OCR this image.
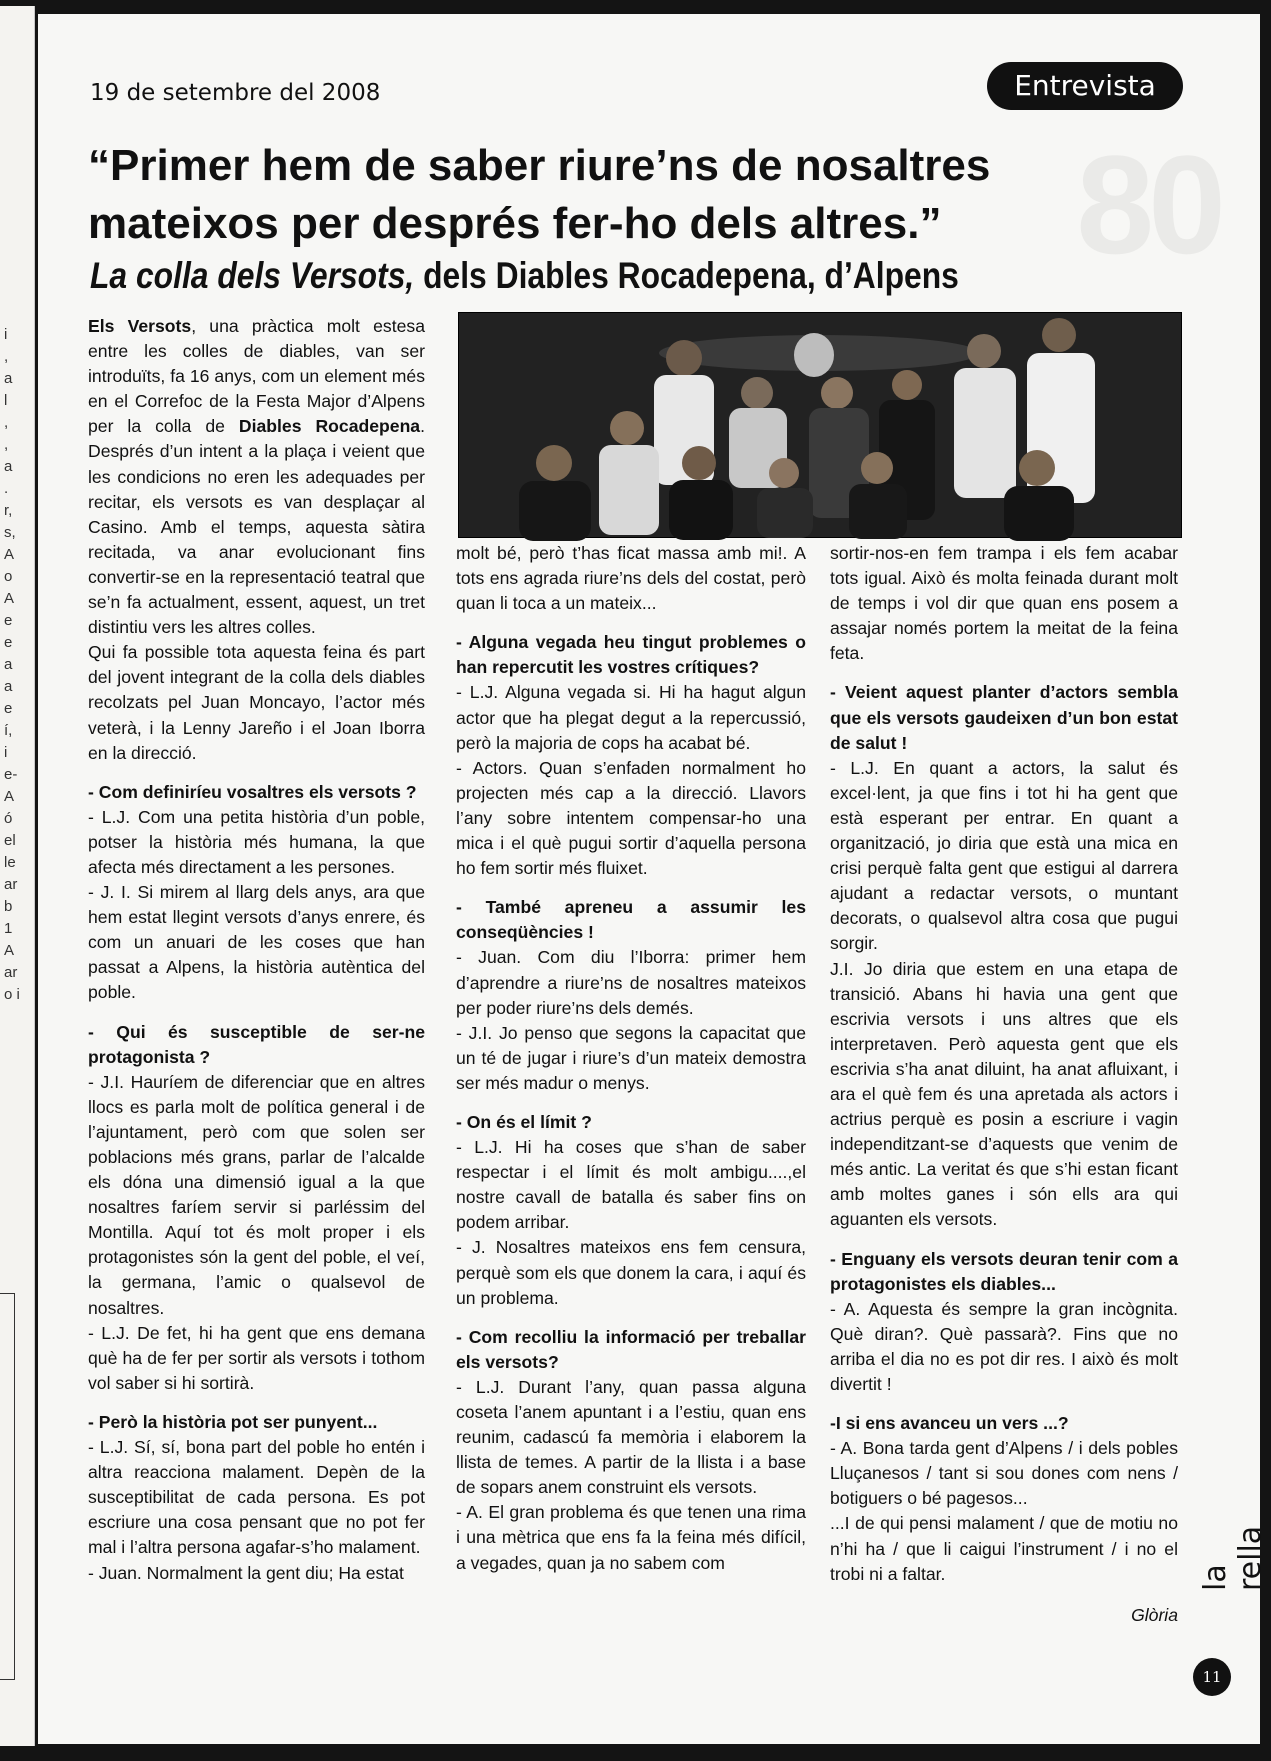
i
,
a
l
,
,
a
.
r,
s,
A
o
A
e
e
a
a
e
í,
i
e-
A
ó
el
le
ar
b
1
A
ar
o i
80
19 de setembre del 2008	Entrevista
“Primer hem de saber riure’ns de nosaltres mateixos per després fer-ho dels altres.”
La colla dels Versots, dels Diables Rocadepena, d’Alpens

Els Versots, una pràctica molt estesa entre les colles de diables, van ser introduïts, fa 16 anys, com un element més en el Correfoc de la Festa Major d’Alpens per la colla de Diables Rocadepena. Després d’un intent a la plaça i veient que les condicions no eren les adequades per recitar, els versots es van desplaçar al Casino. Amb el temps, aquesta sàtira recitada, va anar evolucionant fins convertir-se en la representació teatral que se’n fa actualment, essent, aquest, un tret distintiu vers les altres colles.

Qui fa possible tota aquesta feina és part del jovent integrant de la colla dels diables recolzats pel Juan Moncayo, l’actor més veterà, i la Lenny Jareño i el Joan Iborra en la direcció.

- Com definiríeu vosaltres els versots ?

- L.J. Com una petita història d’un poble, potser la història més humana, la que afecta més directament a les persones.

- J. I. Si mirem al llarg dels anys, ara que hem estat llegint versots d’anys enrere, és com un anuari de les coses que han passat a Alpens, la història autèntica del poble.

- Qui és susceptible de ser-ne protagonista ?

- J.I. Hauríem de diferenciar que en altres llocs es parla molt de política general i de l’ajuntament, però com que solen ser poblacions més grans, parlar de l’alcalde els dóna una dimensió igual a la que nosaltres faríem servir si parléssim del Montilla. Aquí tot és molt proper i els protagonistes són la gent del poble, el veí, la germana, l’amic o qualsevol de nosaltres.

- L.J. De fet, hi ha gent que ens demana què ha de fer per sortir als versots i tothom vol saber si hi sortirà.

- Però la història pot ser punyent...

- L.J. Sí, sí, bona part del poble ho entén i altra reacciona malament. Depèn de la susceptibilitat de cada persona. Es pot escriure una cosa pensant que no pot fer mal i l’altra persona agafar-s’ho malament.

- Juan. Normalment la gent diu; Ha estat

molt bé, però t’has ficat massa amb mi!. A tots ens agrada riure’ns dels del costat, però quan li toca a un mateix...

- Alguna vegada heu tingut problemes o han repercutit les vostres crítiques?

- L.J. Alguna vegada si. Hi ha hagut algun actor que ha plegat degut a la repercussió, però la majoria de cops ha acabat bé.

- Actors. Quan s’enfaden normalment ho projecten més cap a la direcció. Llavors l’any sobre intentem compensar-ho una mica i el què pugui sortir d’aquella persona ho fem sortir més fluixet.

- També apreneu a assumir les conseqüències !

- Juan. Com diu l’Iborra: primer hem d’aprendre a riure’ns de nosaltres mateixos per poder riure’ns dels demés.

- J.I. Jo penso que segons la capacitat que un té de jugar i riure’s d’un mateix demostra ser més madur o menys.

- On és el límit ?

- L.J. Hi ha coses que s’han de saber respectar i el límit és molt ambigu....,el nostre cavall de batalla és saber fins on podem arribar.

- J. Nosaltres mateixos ens fem censura, perquè som els que donem la cara, i aquí és un problema.

- Com recolliu la informació per treballar els versots?

- L.J. Durant l’any, quan passa alguna coseta l’anem apuntant i a l’estiu, quan ens reunim, cadascú fa memòria i elaborem la llista de temes. A partir de la llista i a base de sopars anem construint els versots.

- A. El gran problema és que tenen una rima i una mètrica que ens fa la feina més difícil, a vegades, quan ja no sabem com

sortir-nos-en fem trampa i els fem acabar tots igual. Això és molta feinada durant molt de temps i vol dir que quan ens posem a assajar només portem la meitat de la feina feta.

- Veient aquest planter d’actors sembla que els versots gaudeixen d’un bon estat de salut !

- L.J. En quant a actors, la salut és excel·lent, ja que fins i tot hi ha gent que està esperant per entrar. En quant a organització, jo diria que està una mica en crisi perquè falta gent que estigui al darrera ajudant a redactar versots, o muntant decorats, o qualsevol altra cosa que pugui sorgir.

J.I. Jo diria que estem en una etapa de transició. Abans hi havia una gent que escrivia versots i uns altres que els interpretaven. Però aquesta gent que els escrivia s’ha anat diluint, ha anat afluixant, i ara el què fem és una apretada als actors i actrius perquè es posin a escriure i vagin independitzant-se d’aquests que venim de més antic. La veritat és que s’hi estan ficant amb moltes ganes i són ells ara qui aguanten els versots.

- Enguany els versots deuran tenir com a protagonistes els diables...

- A. Aquesta és sempre la gran incògnita. Què diran?. Què passarà?. Fins que no arriba el dia no es pot dir res. I això és molt divertit !

-I si ens avanceu un vers ...?

- A. Bona tarda gent d’Alpens / i dels pobles Lluçanesos / tant si sou dones com nens / botiguers o bé pagesos...

...I de qui pensi malament / que de motiu no n’hi ha / que li caigui l’instrument / i no el trobi ni a faltar.

Glòria

la rella
11
